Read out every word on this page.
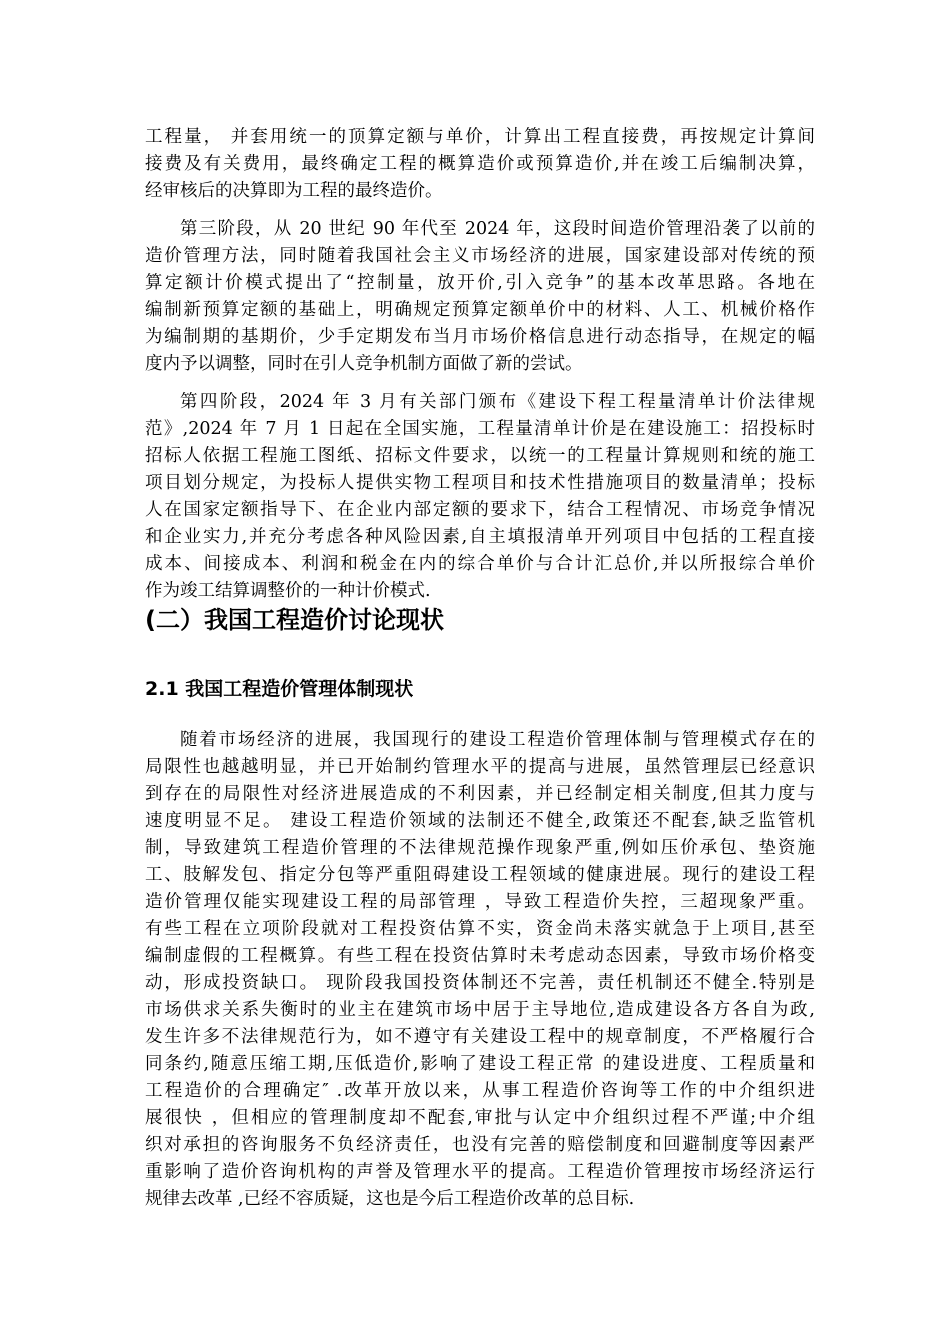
工程量， 并套用统一的顶算定额与单价，计算出工程直接费，再按规定计算间
接费及有关费用，最终确定工程的概算造价或预算造价,并在竣工后编制决算，
经审核后的决算即为工程的最终造价。
第三阶段，从 20 世纪 90 年代至 2024 年，这段时间造价管理沿袭了以前的
造价管理方法，同时随着我国社会主义市场经济的进展，国家建设部对传统的预
算定额计价模式提出了“控制量，放开价,引入竞争”的基本改革思路。各地在
编制新预算定额的基础上，明确规定预算定额单价中的材料、人工、机械价格作
为编制期的基期价，少手定期发布当月市场价格信息进行动态指导，在规定的幅
度内予以调整，同时在引人竞争机制方面做了新的尝试。
第四阶段，2024 年 3 月有关部门颁布《建设下程工程量清单计价法律规
范》,2024 年 7 月 1 日起在全国实施，工程量清单计价是在建设施工：招投标时
招标人依据工程施工图纸、招标文件要求，以统一的工程量计算规则和统的施工
项目划分规定，为投标人提供实物工程项目和技术性措施项目的数量清单；投标
人在国家定额指导下、在企业内部定额的要求下，结合工程情况、市场竞争情况
和企业实力,并充分考虑各种风险因素,自主填报清单开列项目中包括的工程直接
成本、间接成本、利润和税金在内的综合单价与合计汇总价,并以所报综合单价
作为竣工结算调整价的一种计价模式.
(二）我国工程造价讨论现状
2.1 我国工程造价管理体制现状
随着市场经济的进展，我国现行的建设工程造价管理体制与管理模式存在的
局限性也越越明显，并已开始制约管理水平的提高与进展，虽然管理层已经意识
到存在的局限性对经济进展造成的不利因素，并已经制定相关制度,但其力度与
速度明显不足。 建设工程造价领域的法制还不健全,政策还不配套,缺乏监管机
制，导致建筑工程造价管理的不法律规范操作现象严重,例如压价承包、垫资施
工、肢解发包、指定分包等严重阻碍建设工程领域的健康进展。现行的建设工程
造价管理仅能实现建设工程的局部管理 ，导致工程造价失控，三超现象严重。
有些工程在立项阶段就对工程投资估算不实，资金尚未落实就急于上项目,甚至
编制虚假的工程概算。有些工程在投资估算时未考虑动态因素，导致市场价格变
动，形成投资缺口。 现阶段我国投资体制还不完善，责任机制还不健全.特别是
市场供求关系失衡时的业主在建筑市场中居于主导地位,造成建设各方各自为政,
发生许多不法律规范行为，如不遵守有关建设工程中的规章制度，不严格履行合
同条约,随意压缩工期,压低造价,影响了建设工程正常 的建设进度、工程质量和
工程造价的合理确定″ .改革开放以来，从事工程造价咨询等工作的中介组织进
展很快 ，但相应的管理制度却不配套,审批与认定中介组织过程不严谨;中介组
织对承担的咨询服务不负经济责任，也没有完善的赔偿制度和回避制度等因素严
重影响了造价咨询机构的声誉及管理水平的提高。工程造价管理按市场经济运行
规律去改革 ,已经不容质疑，这也是今后工程造价改革的总目标.
